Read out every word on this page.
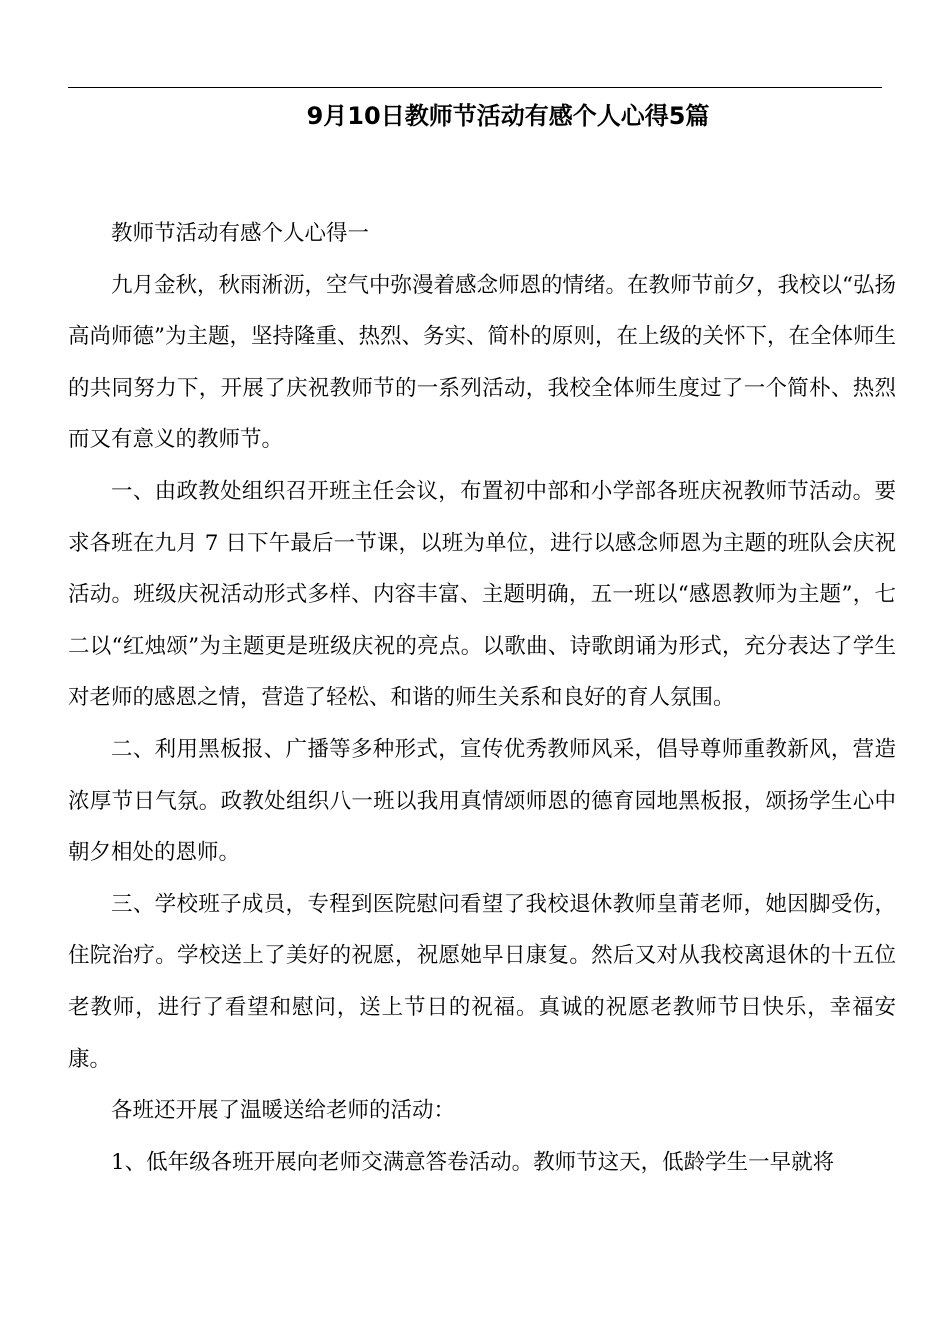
9月10日教师节活动有感个人心得5篇

教师节活动有感个人心得一

九月金秋，秋雨淅沥，空气中弥漫着感念师恩的情绪。在教师节前夕，我校以“弘扬高尚师德”为主题，坚持隆重、热烈、务实、简朴的原则，在上级的关怀下，在全体师生的共同努力下，开展了庆祝教师节的一系列活动，我校全体师生度过了一个简朴、热烈而又有意义的教师节。

一、由政教处组织召开班主任会议，布置初中部和小学部各班庆祝教师节活动。要求各班在九月 7 日下午最后一节课，以班为单位，进行以感念师恩为主题的班队会庆祝活动。班级庆祝活动形式多样、内容丰富、主题明确，五一班以“感恩教师为主题”，七二以“红烛颂”为主题更是班级庆祝的亮点。以歌曲、诗歌朗诵为形式，充分表达了学生对老师的感恩之情，营造了轻松、和谐的师生关系和良好的育人氛围。

二、利用黑板报、广播等多种形式，宣传优秀教师风采，倡导尊师重教新风，营造浓厚节日气氛。政教处组织八一班以我用真情颂师恩的德育园地黑板报，颂扬学生心中朝夕相处的恩师。

三、学校班子成员，专程到医院慰问看望了我校退休教师皇莆老师，她因脚受伤，住院治疗。学校送上了美好的祝愿，祝愿她早日康复。然后又对从我校离退休的十五位老教师，进行了看望和慰问，送上节日的祝福。真诚的祝愿老教师节日快乐，幸福安康。

各班还开展了温暖送给老师的活动：

1、低年级各班开展向老师交满意答卷活动。教师节这天，低龄学生一早就将
